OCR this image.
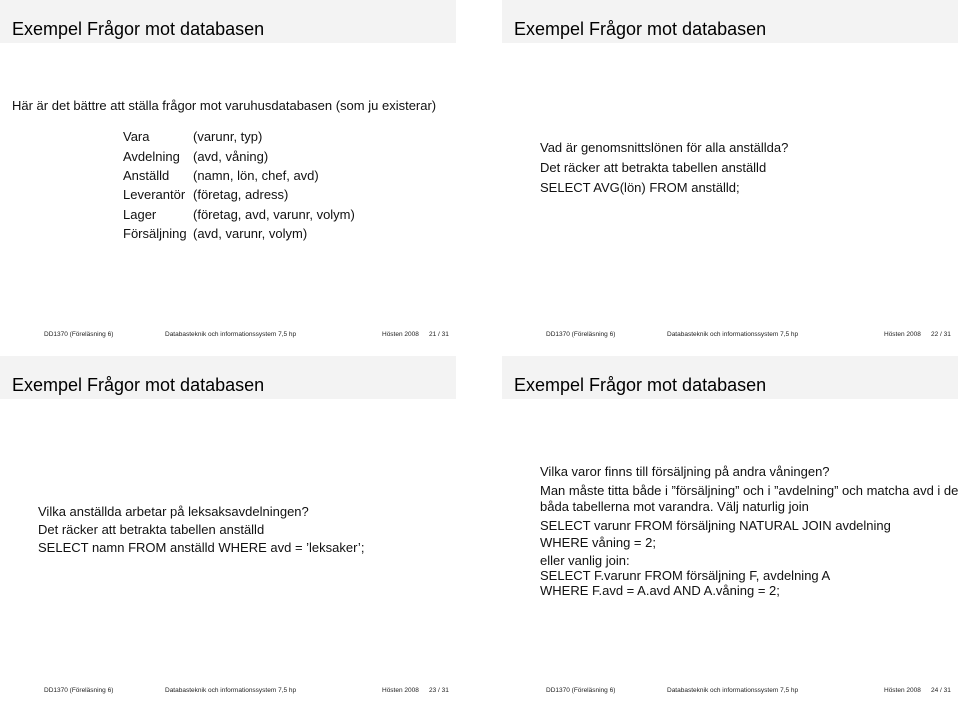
Exempel Frågor mot databasen
Här är det bättre att ställa frågor mot varuhusdatabasen (som ju existerar)
Vara	(varunr, typ)
Avdelning (avd, våning)
Anställd (namn, lön, chef, avd)
Leverantör (företag, adress)
Lager	(företag, avd, varunr, volym)
Försäljning (avd, varunr, volym)
DD1370 (Föreläsning 6)	Databasteknik och informationssystem 7,5 hp	Hösten 2008 21 / 31
Exempel Frågor mot databasen
Vad är genomsnittslönen för alla anställda?
Det räcker att betrakta tabellen anställd
SELECT AVG(lön) FROM anställd;
DD1370 (Föreläsning 6)	Databasteknik och informationssystem 7,5 hp	Hösten 2008 22 / 31
Exempel Frågor mot databasen
Vilka anställda arbetar på leksaksavdelningen?
Det räcker att betrakta tabellen anställd
SELECT namn FROM anställd WHERE avd = ’leksaker’;
DD1370 (Föreläsning 6)	Databasteknik och informationssystem 7,5 hp	Hösten 2008 23 / 31
Exempel Frågor mot databasen
Vilka varor finns till försäljning på andra våningen?
Man måste titta både i ”försäljning” och i ”avdelning” och matcha avd i de båda tabellerna mot varandra. Välj naturlig join
SELECT varunr FROM försäljning NATURAL JOIN avdelning
WHERE våning = 2;
eller vanlig join:
SELECT F.varunr FROM försäljning F, avdelning A
WHERE F.avd = A.avd AND A.våning = 2;
DD1370 (Föreläsning 6)	Databasteknik och informationssystem 7,5 hp	Hösten 2008 24 / 31
